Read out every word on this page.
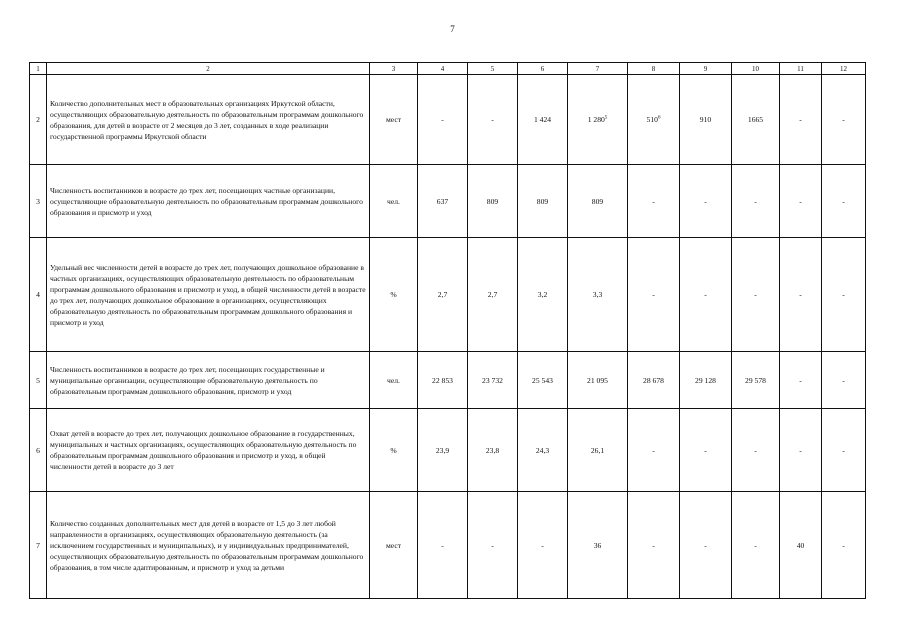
7
1	2	3	4	5	6	7	8	9	10	11	12
2	Количество дополнительных мест в образовательных организациях Иркутской области, осуществляющих образовательную деятельность по образовательным программам дошкольного образования, для детей в возрасте от 2 месяцев до 3 лет, созданных в ходе реализации государственной программы Иркутской области	мест	-	-	1 424	1 $280^5$	$510^6$	910	1665	-	-
3	Численность воспитанников в возрасте до трех лет, посещающих частные организации, осуществляющие образовательную деятельность по образовательным программам дошкольного образования и присмотр и уход	чел.	637	809	809	809	-	-	-	-	-
4	Удельный вес численности детей в возрасте до трех лет, получающих дошкольное образование в частных организациях, осуществляющих образовательную деятельность по образовательным программам дошкольного образования и присмотр и уход, в общей численности детей в возрасте до трех лет, получающих дошкольное образование в организациях, осуществляющих образовательную деятельность по образовательным программам дошкольного образования и присмотр и уход	%	2,7	2,7	3,2	3,3	-	-	-	-	-
5	Численность воспитанников в возрасте до трех лет, посещающих государственные и муниципальные организации, осуществляющие образовательную деятельность по образовательным программам дошкольного образования, присмотр и уход	чел.	22 853	23 732	25 543	21 095	28 678	29 128	29 578	-	-
6	Охват детей в возрасте до трех лет, получающих дошкольное образование в государственных, муниципальных и частных организациях, осуществляющих образовательную деятельность по образовательным программам дошкольного образования и присмотр и уход, в общей численности детей в возрасте до 3 лет	%	23,9	23,8	24,3	26,1	-	-	-	-	-
7	Количество созданных дополнительных мест для детей в возрасте от 1,5 до 3 лет любой направленности в организациях, осуществляющих образовательную деятельность (за исключением государственных и муниципальных), и у индивидуальных предпринимателей, осуществляющих образовательную деятельность по образовательным программам дошкольного образования, в том числе адаптированным, и присмотр и уход за детьми	мест	-	-	-	36	-	-	-	40	-
